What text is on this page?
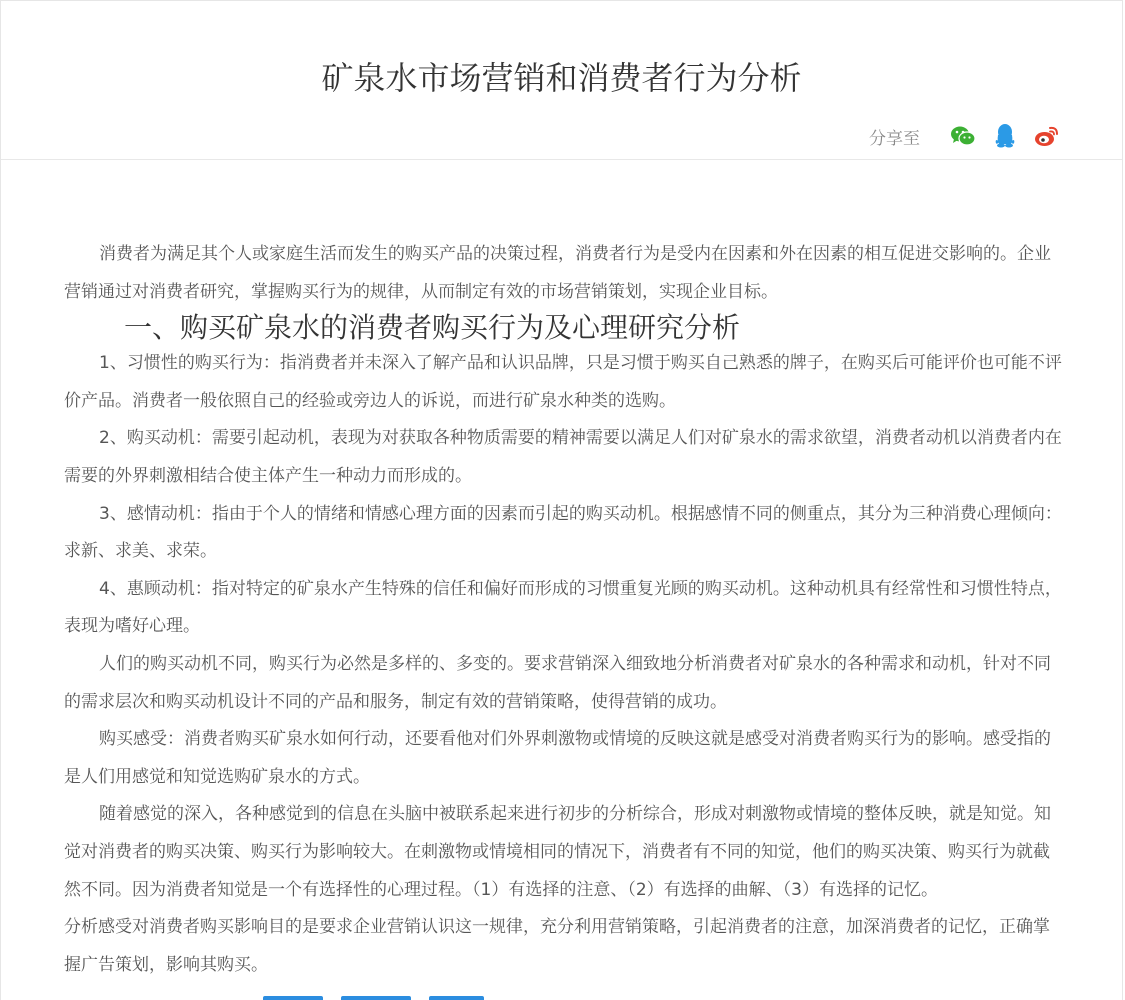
矿泉水市场营销和消费者行为分析
分享至

消费者为满足其个人或家庭生活而发生的购买产品的决策过程，消费者行为是受内在因素和外在因素的相互促进交影响的。企业营销通过对消费者研究，掌握购买行为的规律，从而制定有效的市场营销策划，实现企业目标。

一、购买矿泉水的消费者购买行为及心理研究分析

1、习惯性的购买行为：指消费者并未深入了解产品和认识品牌，只是习惯于购买自己熟悉的牌子，在购买后可能评价也可能不评价产品。消费者一般依照自己的经验或旁边人的诉说，而进行矿泉水种类的选购。

2、购买动机：需要引起动机，表现为对获取各种物质需要的精神需要以满足人们对矿泉水的需求欲望，消费者动机以消费者内在需要的外界刺激相结合使主体产生一种动力而形成的。

3、感情动机：指由于个人的情绪和情感心理方面的因素而引起的购买动机。根据感情不同的侧重点，其分为三种消费心理倾向：求新、求美、求荣。

4、惠顾动机：指对特定的矿泉水产生特殊的信任和偏好而形成的习惯重复光顾的购买动机。这种动机具有经常性和习惯性特点，表现为嗜好心理。

人们的购买动机不同，购买行为必然是多样的、多变的。要求营销深入细致地分析消费者对矿泉水的各种需求和动机，针对不同的需求层次和购买动机设计不同的产品和服务，制定有效的营销策略，使得营销的成功。

购买感受：消费者购买矿泉水如何行动，还要看他对们外界刺激物或情境的反映这就是感受对消费者购买行为的影响。感受指的是人们用感觉和知觉选购矿泉水的方式。

随着感觉的深入，各种感觉到的信息在头脑中被联系起来进行初步的分析综合，形成对刺激物或情境的整体反映，就是知觉。知觉对消费者的购买决策、购买行为影响较大。在刺激物或情境相同的情况下，消费者有不同的知觉，他们的购买决策、购买行为就截然不同。因为消费者知觉是一个有选择性的心理过程。（1）有选择的注意、（2）有选择的曲解、（3）有选择的记忆。

分析感受对消费者购买影响目的是要求企业营销认识这一规律，充分利用营销策略，引起消费者的注意，加深消费者的记忆，正确掌握广告策划，影响其购买。
